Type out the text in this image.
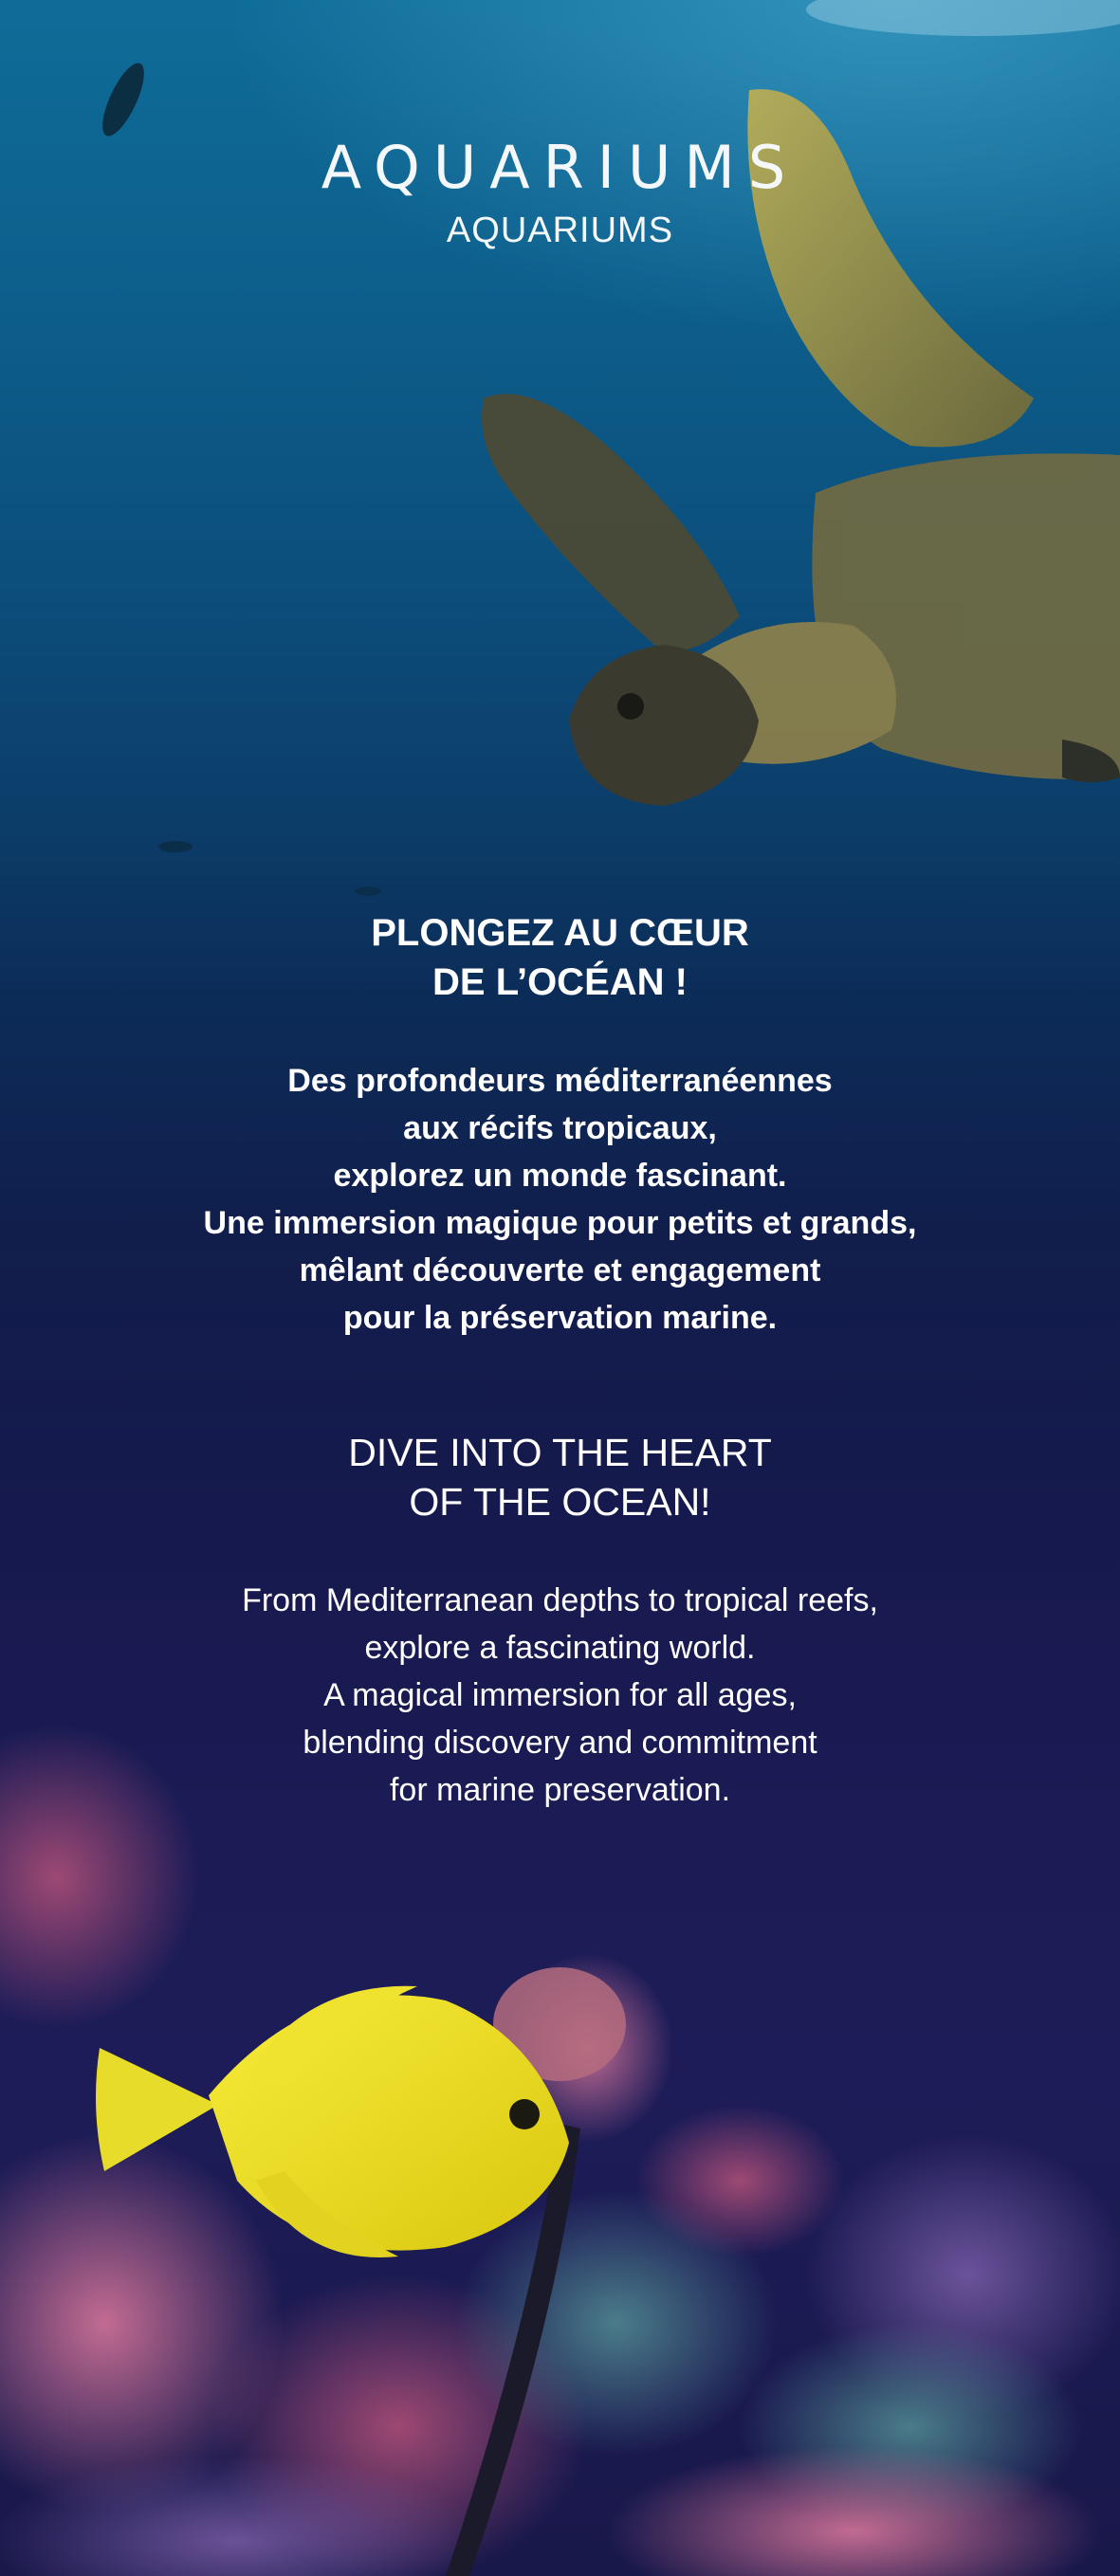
AQUARIUMS
AQUARIUMS
PLONGEZ AU CŒUR
DE L’OCÉAN !
Des profondeurs méditerranéennes
aux récifs tropicaux,
explorez un monde fascinant.
Une immersion magique pour petits et grands,
mêlant découverte et engagement
pour la préservation marine.
DIVE INTO THE HEART
OF THE OCEAN!
From Mediterranean depths to tropical reefs,
explore a fascinating world.
A magical immersion for all ages,
blending discovery and commitment
for marine preservation.
